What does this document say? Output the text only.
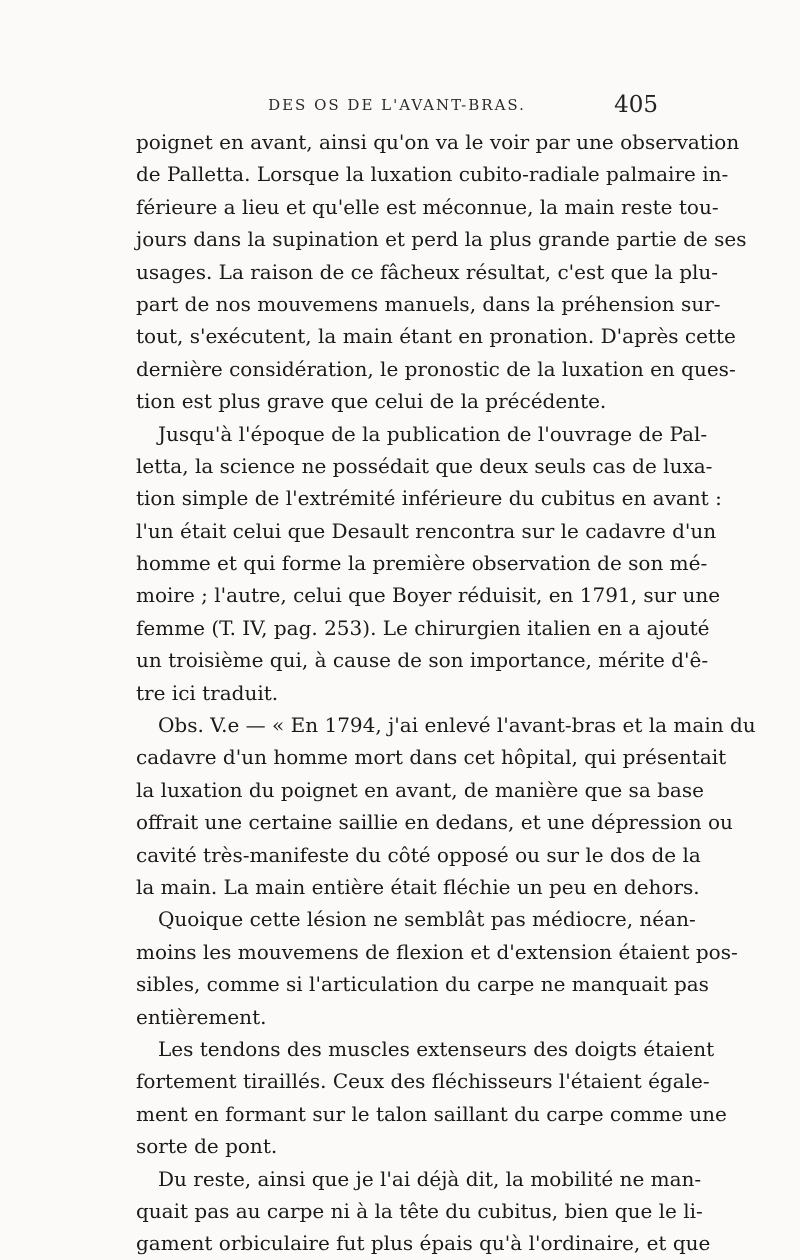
DES OS DE L'AVANT-BRAS.	405
poignet en avant, ainsi qu'on va le voir par une observation
de Palletta. Lorsque la luxation cubito-radiale palmaire in-
férieure a lieu et qu'elle est méconnue, la main reste tou-
jours dans la supination et perd la plus grande partie de ses
usages. La raison de ce fâcheux résultat, c'est que la plu-
part de nos mouvemens manuels, dans la préhension sur-
tout, s'exécutent, la main étant en pronation. D'après cette
dernière considération, le pronostic de la luxation en ques-
tion est plus grave que celui de la précédente.
Jusqu'à l'époque de la publication de l'ouvrage de Pal-
letta, la science ne possédait que deux seuls cas de luxa-
tion simple de l'extrémité inférieure du cubitus en avant :
l'un était celui que Desault rencontra sur le cadavre d'un
homme et qui forme la première observation de son mé-
moire ; l'autre, celui que Boyer réduisit, en 1791, sur une
femme (T. IV, pag. 253). Le chirurgien italien en a ajouté
un troisième qui, à cause de son importance, mérite d'ê-
tre ici traduit.
Obs. V.e — « En 1794, j'ai enlevé l'avant-bras et la main du
cadavre d'un homme mort dans cet hôpital, qui présentait
la luxation du poignet en avant, de manière que sa base
offrait une certaine saillie en dedans, et une dépression ou
cavité très-manifeste du côté opposé ou sur le dos de la
la main. La main entière était fléchie un peu en dehors.
Quoique cette lésion ne semblât pas médiocre, néan-
moins les mouvemens de flexion et d'extension étaient pos-
sibles, comme si l'articulation du carpe ne manquait pas
entièrement.
Les tendons des muscles extenseurs des doigts étaient
fortement tiraillés. Ceux des fléchisseurs l'étaient égale-
ment en formant sur le talon saillant du carpe comme une
sorte de pont.
Du reste, ainsi que je l'ai déjà dit, la mobilité ne man-
quait pas au carpe ni à la tête du cubitus, bien que le li-
gament orbiculaire fut plus épais qu'à l'ordinaire, et que
